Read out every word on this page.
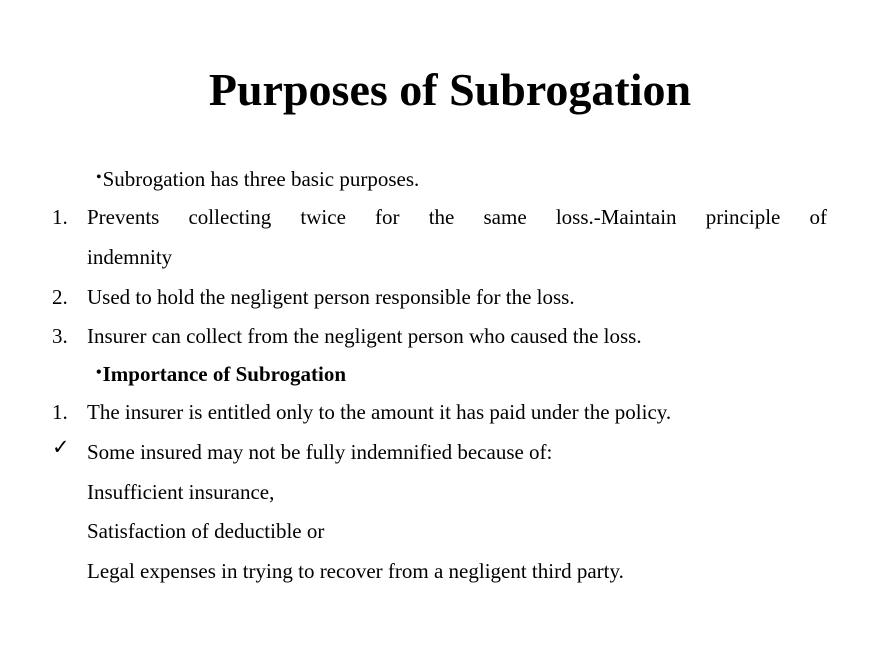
Purposes of Subrogation
•Subrogation has three basic purposes.
1. Prevents collecting twice for the same loss.-Maintain principle of
indemnity
2. Used to hold the negligent person responsible for the loss.
3. Insurer can collect from the negligent person who caused the loss.
•Importance of Subrogation
1. The insurer is entitled only to the amount it has paid under the policy.
✓ Some insured may not be fully indemnified because of:
Insufficient insurance,
Satisfaction of deductible or
Legal expenses in trying to recover from a negligent third party.
